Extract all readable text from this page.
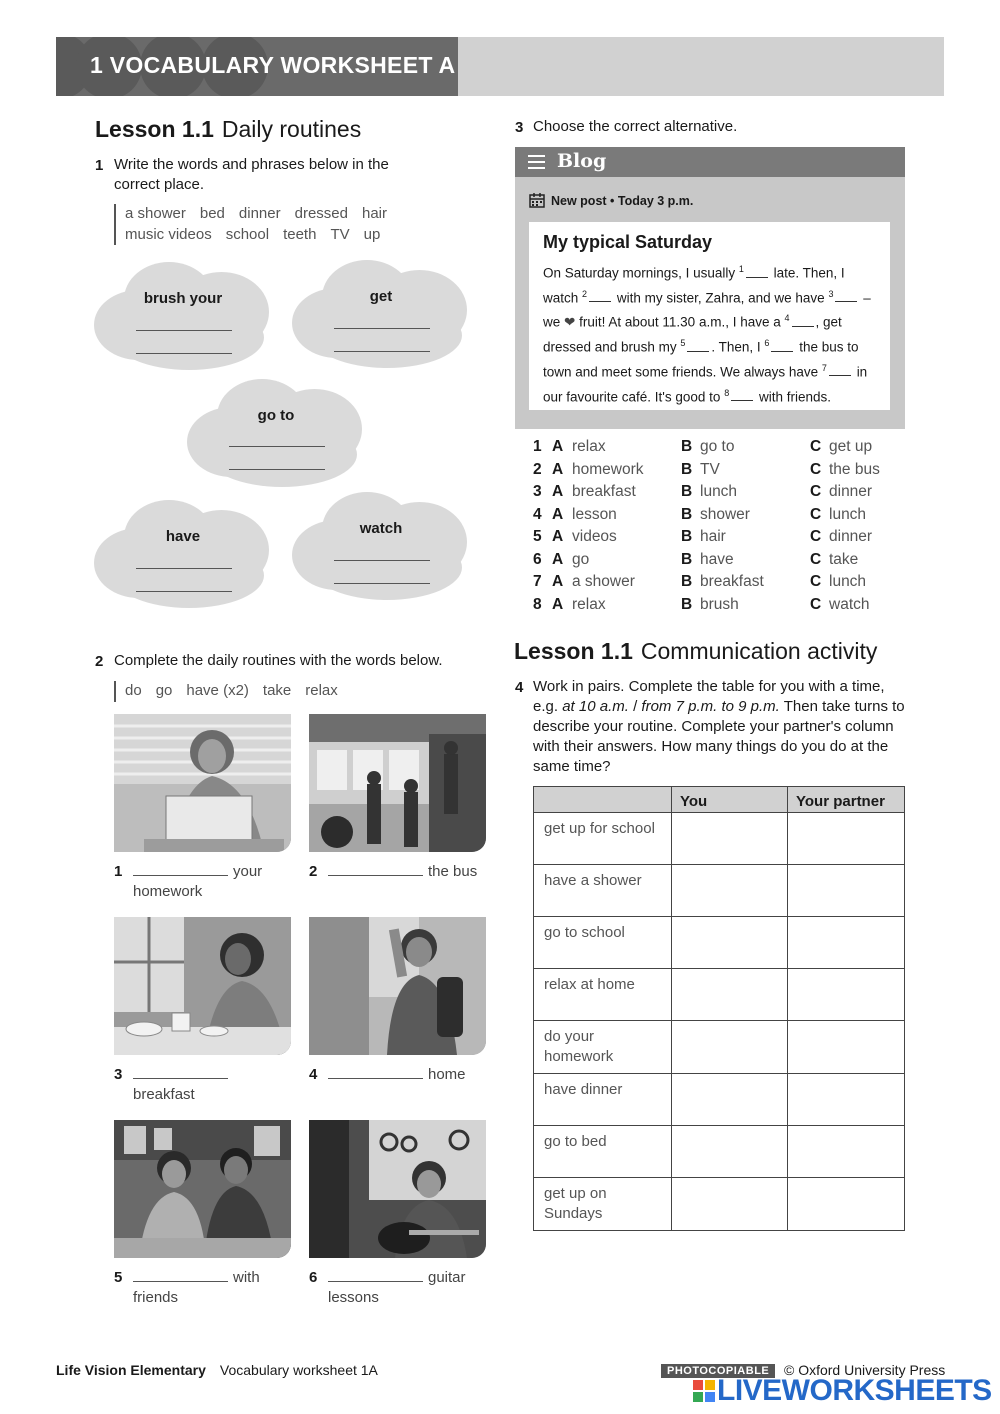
1 VOCABULARY WORKSHEET A
Lesson 1.1 Daily routines
1 Write the words and phrases below in the correct place.
a shower bed dinner dressed hair
music videos school teeth TV up
brush your	get
go to
have	watch
2 Complete the daily routines with the words below.
do go have (x2) take relax
1	your
homework
2	the bus

3

breakfast
4	home

5	with
friends
6	guitar
lessons
3 Choose the correct alternative.
Blog
New post • Today 3 p.m.
My typical Saturday

On Saturday mornings, I usually $^1$ late. Then, I watch $^2$ with my sister, Zahra, and we have $^3$ – we ❤ fruit! At about 11.30 a.m., I have a $^4$ , get dressed and brush my $^5$ . Then, I $^6$ the bus to town and meet some friends. We always have $^7$ in our favourite café. It's good to $^8$ with friends.

1 A relax	B go to	C get up
2 A homework B TV	C the bus
3 A breakfast	B lunch	C dinner
4 A lesson	B shower	C lunch
5 A videos	B hair	C dinner
6 A go	B have	C take
7 A a shower	B breakfast	C lunch
8 A relax	B brush	C watch
Lesson 1.1 Communication activity
4 Work in pairs. Complete the table for you with a time, e.g. at 10 a.m. / from 7 p.m. to 9 p.m. Then take turns to describe your routine. Complete your partner's column with their answers. How many things do you do at the same time?
	You	Your partner
get up for school		
have a shower		
go to school		
relax at home		
do your homework		
have dinner		
go to bed		
get up on Sundays		
Life Vision Elementary Vocabulary worksheet 1A	PHOTOCOPIABLE	© Oxford University Press
LIVEWORKSHEETS
